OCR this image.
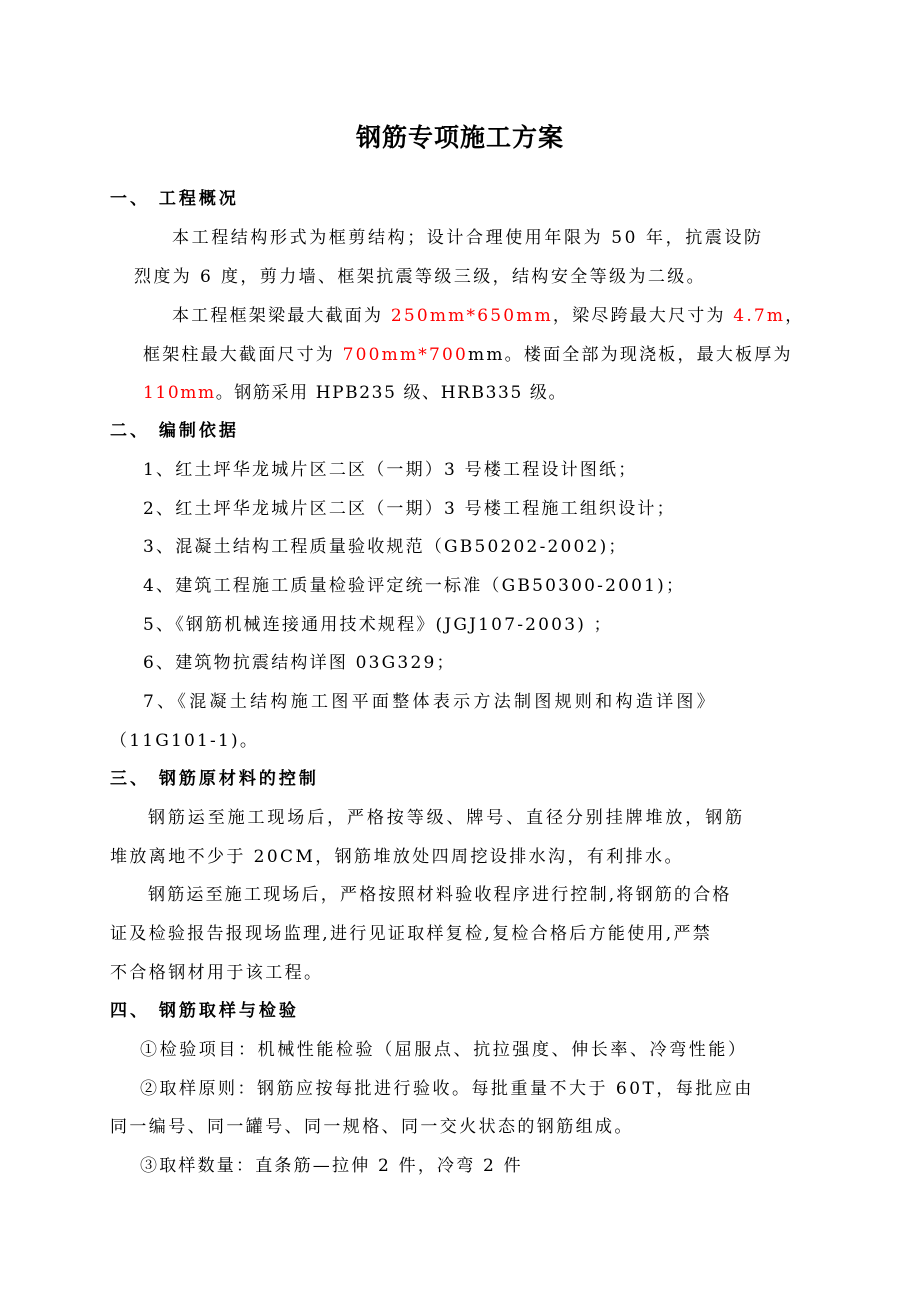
钢筋专项施工方案
一、 工程概况
本工程结构形式为框剪结构；设计合理使用年限为 50 年，抗震设防
烈度为 6 度，剪力墙、框架抗震等级三级，结构安全等级为二级。
本工程框架梁最大截面为 250mm*650mm，梁尽跨最大尺寸为 4.7m，
框架柱最大截面尺寸为 700mm*700mm。楼面全部为现浇板，最大板厚为
110mm。钢筋采用 HPB235 级、HRB335 级。
二、 编制依据
1、红土坪华龙城片区二区（一期）3 号楼工程设计图纸；
2、红土坪华龙城片区二区（一期）3 号楼工程施工组织设计；
3、混凝土结构工程质量验收规范（GB50202-2002)；
4、建筑工程施工质量检验评定统一标准（GB50300-2001)；
5、《钢筋机械连接通用技术规程》(JGJ107-2003) ；
6、建筑物抗震结构详图 03G329；
7、《混凝土结构施工图平面整体表示方法制图规则和构造详图》
（11G101-1)。
三、 钢筋原材料的控制
钢筋运至施工现场后，严格按等级、牌号、直径分别挂牌堆放，钢筋
堆放离地不少于 20CM，钢筋堆放处四周挖设排水沟，有利排水。
钢筋运至施工现场后，严格按照材料验收程序进行控制,将钢筋的合格
证及检验报告报现场监理,进行见证取样复检,复检合格后方能使用,严禁
不合格钢材用于该工程。
四、 钢筋取样与检验
①检验项目：机械性能检验（屈服点、抗拉强度、伸长率、冷弯性能）
②取样原则：钢筋应按每批进行验收。每批重量不大于 60T，每批应由
同一编号、同一罐号、同一规格、同一交火状态的钢筋组成。
③取样数量：直条筋—拉伸 2 件，冷弯 2 件
